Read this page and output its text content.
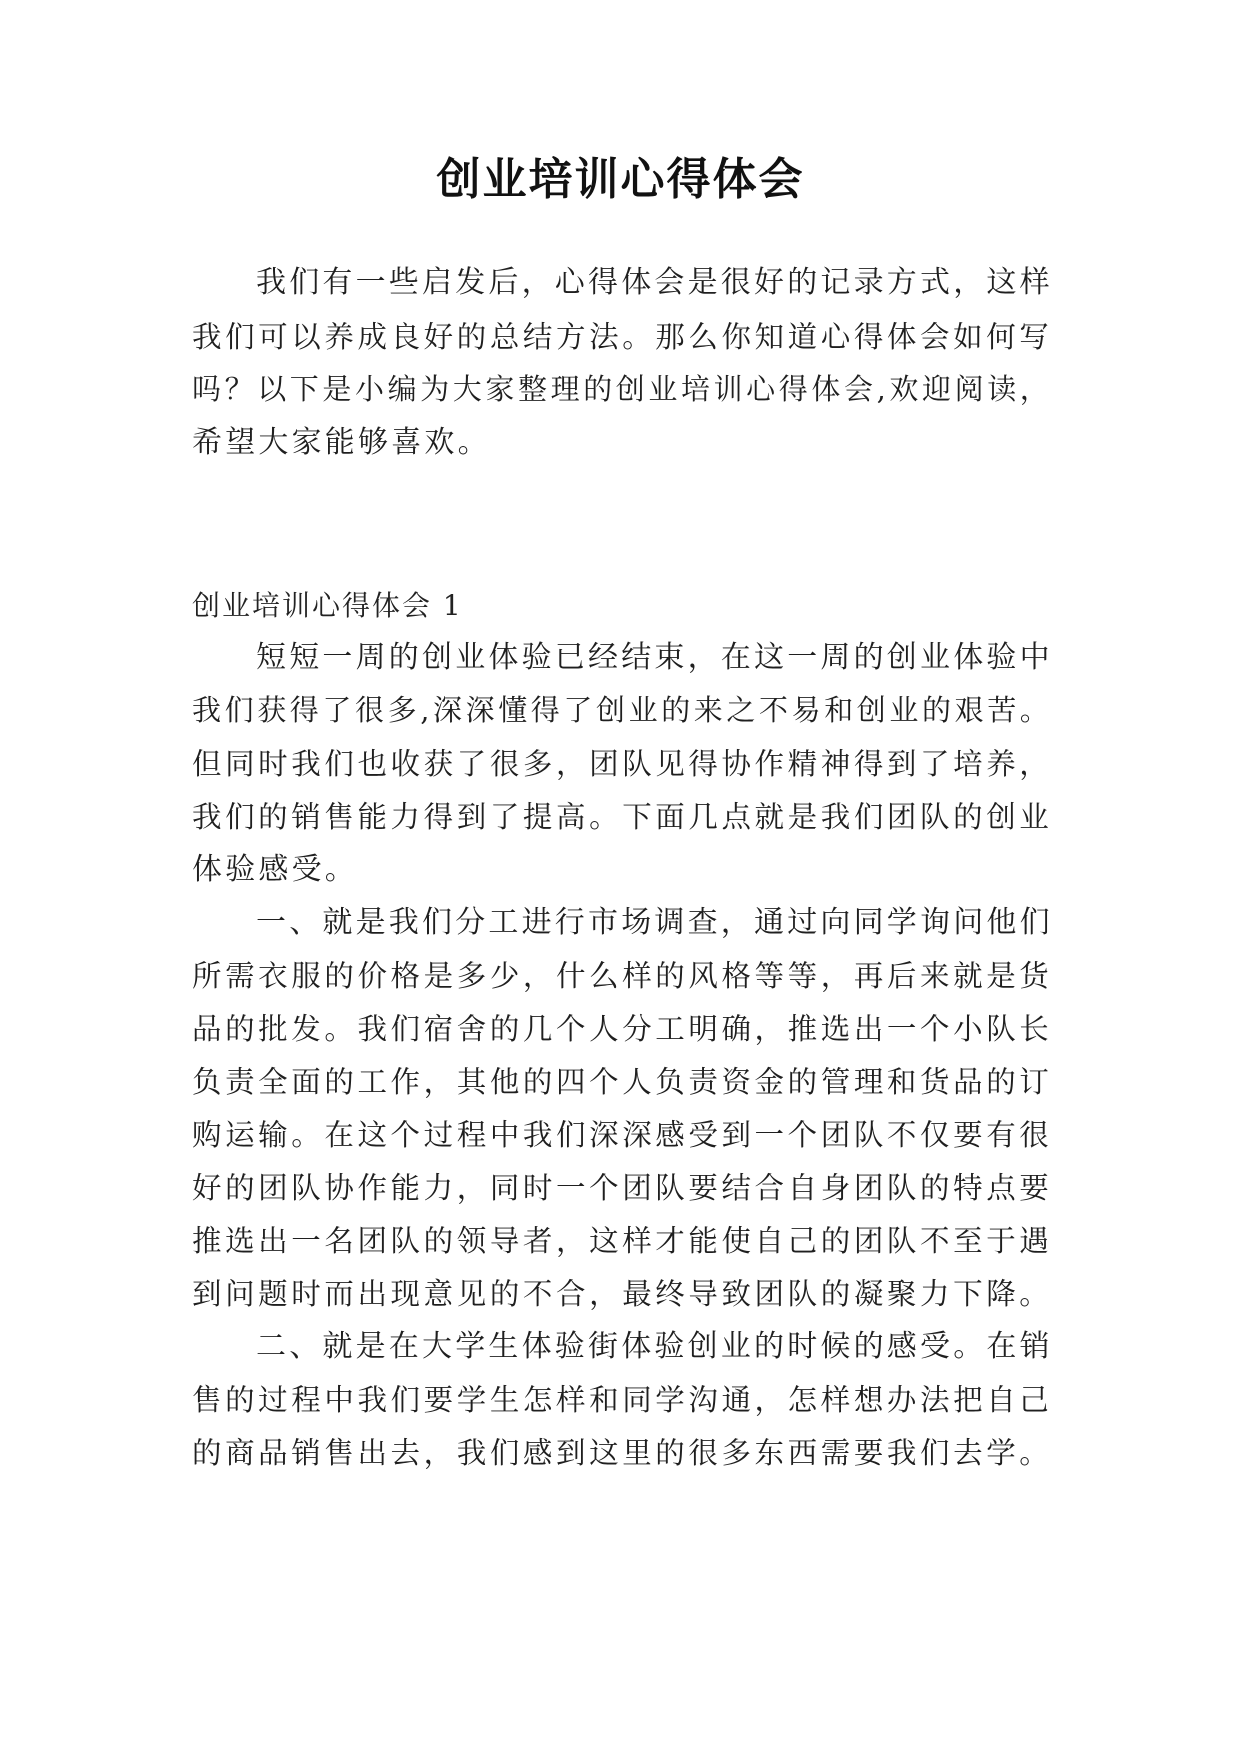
创业培训心得体会
我们有一些启发后，心得体会是很好的记录方式，这样
我们可以养成良好的总结方法。那么你知道心得体会如何写
吗？以下是小编为大家整理的创业培训心得体会,欢迎阅读，
希望大家能够喜欢。
创业培训心得体会 1
短短一周的创业体验已经结束，在这一周的创业体验中
我们获得了很多,深深懂得了创业的来之不易和创业的艰苦。
但同时我们也收获了很多，团队见得协作精神得到了培养，
我们的销售能力得到了提高。下面几点就是我们团队的创业
体验感受。
一、就是我们分工进行市场调查，通过向同学询问他们
所需衣服的价格是多少，什么样的风格等等，再后来就是货
品的批发。我们宿舍的几个人分工明确，推选出一个小队长
负责全面的工作，其他的四个人负责资金的管理和货品的订
购运输。在这个过程中我们深深感受到一个团队不仅要有很
好的团队协作能力，同时一个团队要结合自身团队的特点要
推选出一名团队的领导者，这样才能使自己的团队不至于遇
到问题时而出现意见的不合，最终导致团队的凝聚力下降。
二、就是在大学生体验街体验创业的时候的感受。在销
售的过程中我们要学生怎样和同学沟通，怎样想办法把自己
的商品销售出去，我们感到这里的很多东西需要我们去学。
